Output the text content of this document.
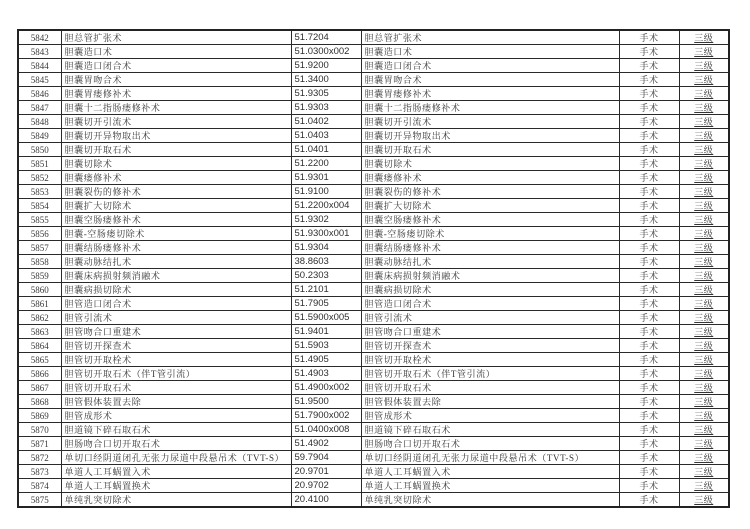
5842	胆总管扩张术	51.7204	胆总管扩张术	手术	三级
5843	胆囊造口术	51.0300x002	胆囊造口术	手术	三级
5844	胆囊造口闭合术	51.9200	胆囊造口闭合术	手术	三级
5845	胆囊胃吻合术	51.3400	胆囊胃吻合术	手术	三级
5846	胆囊胃瘘修补术	51.9305	胆囊胃瘘修补术	手术	三级
5847	胆囊十二指肠瘘修补术	51.9303	胆囊十二指肠瘘修补术	手术	三级
5848	胆囊切开引流术	51.0402	胆囊切开引流术	手术	三级
5849	胆囊切开异物取出术	51.0403	胆囊切开异物取出术	手术	三级
5850	胆囊切开取石术	51.0401	胆囊切开取石术	手术	三级
5851	胆囊切除术	51.2200	胆囊切除术	手术	三级
5852	胆囊瘘修补术	51.9301	胆囊瘘修补术	手术	三级
5853	胆囊裂伤的修补术	51.9100	胆囊裂伤的修补术	手术	三级
5854	胆囊扩大切除术	51.2200x004	胆囊扩大切除术	手术	三级
5855	胆囊空肠瘘修补术	51.9302	胆囊空肠瘘修补术	手术	三级
5856	胆囊-空肠瘘切除术	51.9300x001	胆囊-空肠瘘切除术	手术	三级
5857	胆囊结肠瘘修补术	51.9304	胆囊结肠瘘修补术	手术	三级
5858	胆囊动脉结扎术	38.8603	胆囊动脉结扎术	手术	三级
5859	胆囊床病损射频消融术	50.2303	胆囊床病损射频消融术	手术	三级
5860	胆囊病损切除术	51.2101	胆囊病损切除术	手术	三级
5861	胆管造口闭合术	51.7905	胆管造口闭合术	手术	三级
5862	胆管引流术	51.5900x005	胆管引流术	手术	三级
5863	胆管吻合口重建术	51.9401	胆管吻合口重建术	手术	三级
5864	胆管切开探查术	51.5903	胆管切开探查术	手术	三级
5865	胆管切开取栓术	51.4905	胆管切开取栓术	手术	三级
5866	胆管切开取石术（伴T管引流）	51.4903	胆管切开取石术（伴T管引流）	手术	三级
5867	胆管切开取石术	51.4900x002	胆管切开取石术	手术	三级
5868	胆管假体装置去除	51.9500	胆管假体装置去除	手术	三级
5869	胆管成形术	51.7900x002	胆管成形术	手术	三级
5870	胆道镜下碎石取石术	51.0400x008	胆道镜下碎石取石术	手术	三级
5871	胆肠吻合口切开取石术	51.4902	胆肠吻合口切开取石术	手术	三级
5872	单切口经阴道闭孔无张力尿道中段悬吊术（TVT-S）	59.7904	单切口经阴道闭孔无张力尿道中段悬吊术（TVT-S）	手术	三级
5873	单道人工耳蜗置入术	20.9701	单道人工耳蜗置入术	手术	三级
5874	单道人工耳蜗置换术	20.9702	单道人工耳蜗置换术	手术	三级
5875	单纯乳突切除术	20.4100	单纯乳突切除术	手术	三级
